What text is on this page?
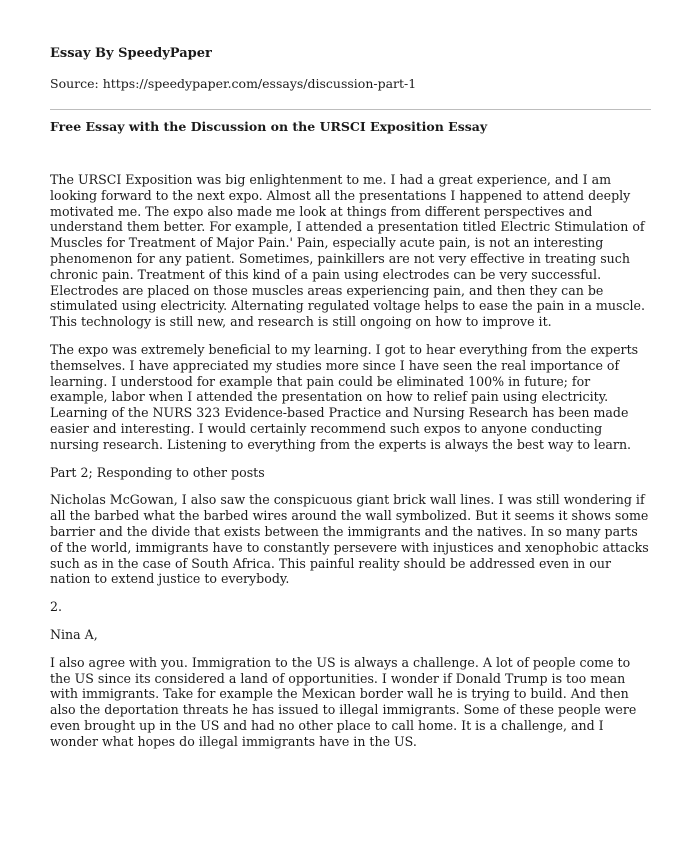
Essay By SpeedyPaper
Source: https://speedypaper.com/essays/discussion-part-1
Free Essay with the Discussion on the URSCI Exposition Essay

The URSCI Exposition was big enlightenment to me. I had a great experience, and I am looking forward to the next expo. Almost all the presentations I happened to attend deeply motivated me. The expo also made me look at things from different perspectives and understand them better. For example, I attended a presentation titled Electric Stimulation of Muscles for Treatment of Major Pain.' Pain, especially acute pain, is not an interesting phenomenon for any patient. Sometimes, painkillers are not very effective in treating such chronic pain. Treatment of this kind of a pain using electrodes can be very successful. Electrodes are placed on those muscles areas experiencing pain, and then they can be stimulated using electricity. Alternating regulated voltage helps to ease the pain in a muscle. This technology is still new, and research is still ongoing on how to improve it.

The expo was extremely beneficial to my learning. I got to hear everything from the experts themselves. I have appreciated my studies more since I have seen the real importance of learning. I understood for example that pain could be eliminated 100% in future; for example, labor when I attended the presentation on how to relief pain using electricity. Learning of the NURS 323 Evidence-based Practice and Nursing Research has been made easier and interesting. I would certainly recommend such expos to anyone conducting nursing research. Listening to everything from the experts is always the best way to learn.

Part 2; Responding to other posts

Nicholas McGowan, I also saw the conspicuous giant brick wall lines. I was still wondering if all the barbed what the barbed wires around the wall symbolized. But it seems it shows some barrier and the divide that exists between the immigrants and the natives. In so many parts of the world, immigrants have to constantly persevere with injustices and xenophobic attacks such as in the case of South Africa. This painful reality should be addressed even in our nation to extend justice to everybody.

2.

Nina A,

I also agree with you. Immigration to the US is always a challenge. A lot of people come to the US since its considered a land of opportunities. I wonder if Donald Trump is too mean with immigrants. Take for example the Mexican border wall he is trying to build. And then also the deportation threats he has issued to illegal immigrants. Some of these people were even brought up in the US and had no other place to call home. It is a challenge, and I wonder what hopes do illegal immigrants have in the US.
